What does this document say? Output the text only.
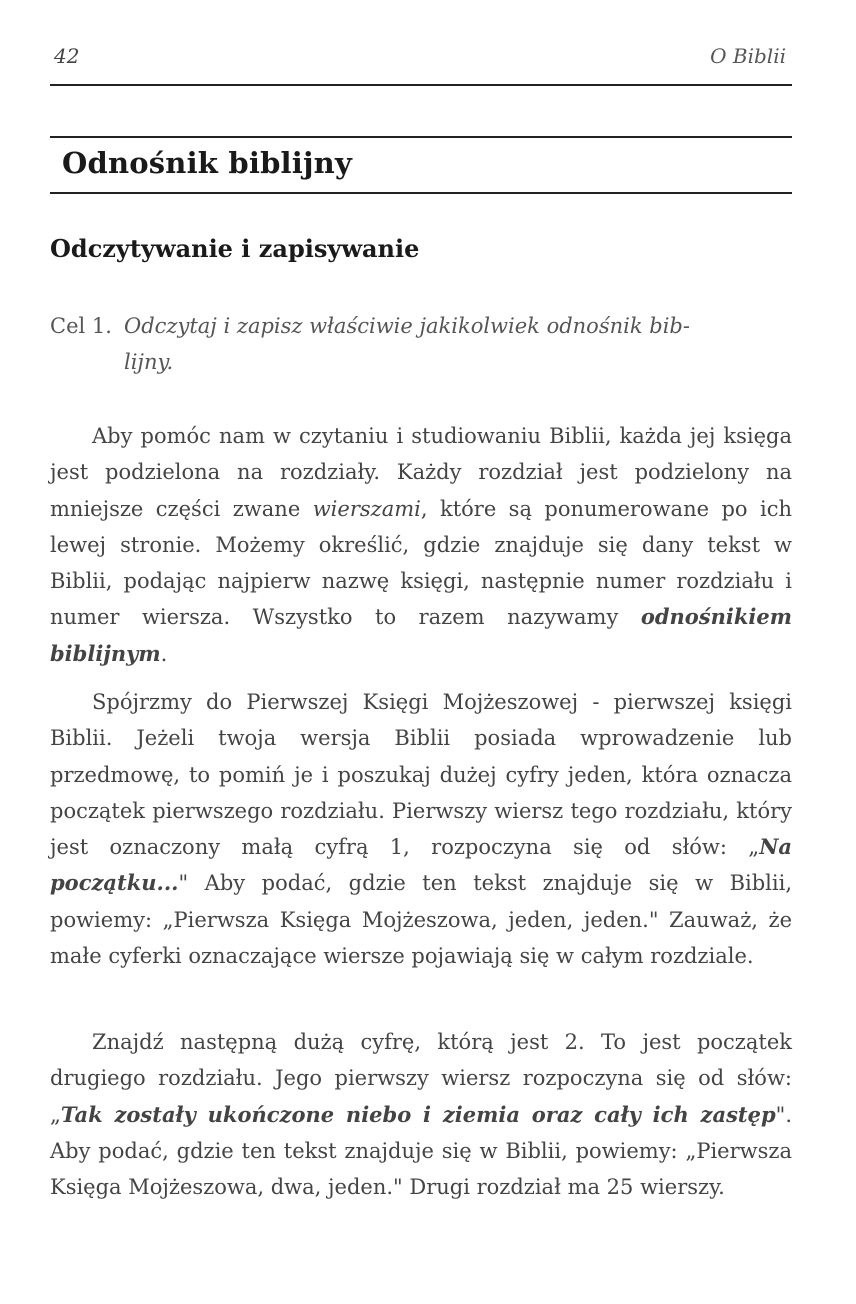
42	O Biblii
Odnośnik biblijny
Odczytywanie i zapisywanie
Cel 1. Odczytaj i zapisz właściwie jakikolwiek odnośnik bib-
lijny.

Aby pomóc nam w czytaniu i studiowaniu Biblii, każda jej księga jest podzielona na rozdziały. Każdy rozdział jest podzielony na mniejsze części zwane wierszami, które są ponumerowane po ich lewej stronie. Możemy określić, gdzie znajduje się dany tekst w Biblii, podając najpierw nazwę księgi, następnie numer rozdziału i numer wiersza. Wszystko to razem nazywamy odnośnikiem biblijnym.

Spójrzmy do Pierwszej Księgi Mojżeszowej - pierwszej księgi Biblii. Jeżeli twoja wersja Biblii posiada wprowadzenie lub przedmowę, to pomiń je i poszukaj dużej cyfry jeden, która oznacza początek pierwszego rozdziału. Pierwszy wiersz tego rozdziału, który jest oznaczony małą cyfrą 1, rozpoczyna się od słów: „Na początku..." Aby podać, gdzie ten tekst znajduje się w Biblii, powiemy: „Pierwsza Księga Mojżeszowa, jeden, jeden." Zauważ, że małe cyferki oznaczające wiersze pojawiają się w całym rozdziale.

Znajdź następną dużą cyfrę, którą jest 2. To jest początek drugiego rozdziału. Jego pierwszy wiersz rozpoczyna się od słów: „Tak zostały ukończone niebo i ziemia oraz cały ich zastęp". Aby podać, gdzie ten tekst znajduje się w Biblii, powiemy: „Pierwsza Księga Mojżeszowa, dwa, jeden." Drugi rozdział ma 25 wierszy.
